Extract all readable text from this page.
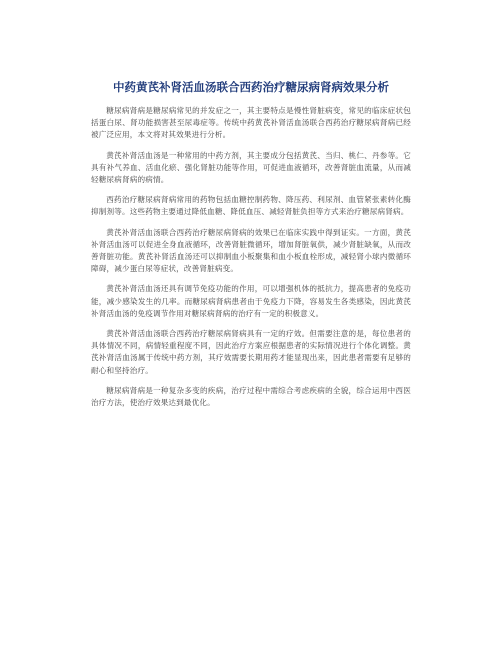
中药黄芪补肾活血汤联合西药治疗糖尿病肾病效果分析

糖尿病肾病是糖尿病常见的并发症之一，其主要特点是慢性肾脏病变，常见的临床症状包括蛋白尿、肾功能损害甚至尿毒症等。传统中药黄芪补肾活血汤联合西药治疗糖尿病肾病已经被广泛应用，本文将对其效果进行分析。

黄芪补肾活血汤是一种常用的中药方剂，其主要成分包括黄芪、当归、桃仁、丹参等。它具有补气养血、活血化瘀、强化肾脏功能等作用，可促进血液循环，改善肾脏血流量，从而减轻糖尿病肾病的病情。

西药治疗糖尿病肾病常用的药物包括血糖控制药物、降压药、利尿剂、血管紧张素转化酶抑制剂等。这些药物主要通过降低血糖、降低血压、减轻肾脏负担等方式来治疗糖尿病肾病。

黄芪补肾活血汤联合西药治疗糖尿病肾病的效果已在临床实践中得到证实。一方面，黄芪补肾活血汤可以促进全身血液循环，改善肾脏微循环，增加肾脏氧供，减少肾脏缺氧，从而改善肾脏功能。黄芪补肾活血汤还可以抑制血小板聚集和血小板血栓形成，减轻肾小球内微循环障碍，减少蛋白尿等症状，改善肾脏病变。

黄芪补肾活血汤还具有调节免疫功能的作用，可以增强机体的抵抗力，提高患者的免疫功能，减少感染发生的几率。而糖尿病肾病患者由于免疫力下降，容易发生各类感染，因此黄芪补肾活血汤的免疫调节作用对糖尿病肾病的治疗有一定的积极意义。

黄芪补肾活血汤联合西药治疗糖尿病肾病具有一定的疗效。但需要注意的是，每位患者的具体情况不同，病情轻重程度不同，因此治疗方案应根据患者的实际情况进行个体化调整。黄芪补肾活血汤属于传统中药方剂，其疗效需要长期用药才能显现出来，因此患者需要有足够的耐心和坚持治疗。

糖尿病肾病是一种复杂多变的疾病，治疗过程中需综合考虑疾病的全貌，综合运用中西医治疗方法，使治疗效果达到最优化。
